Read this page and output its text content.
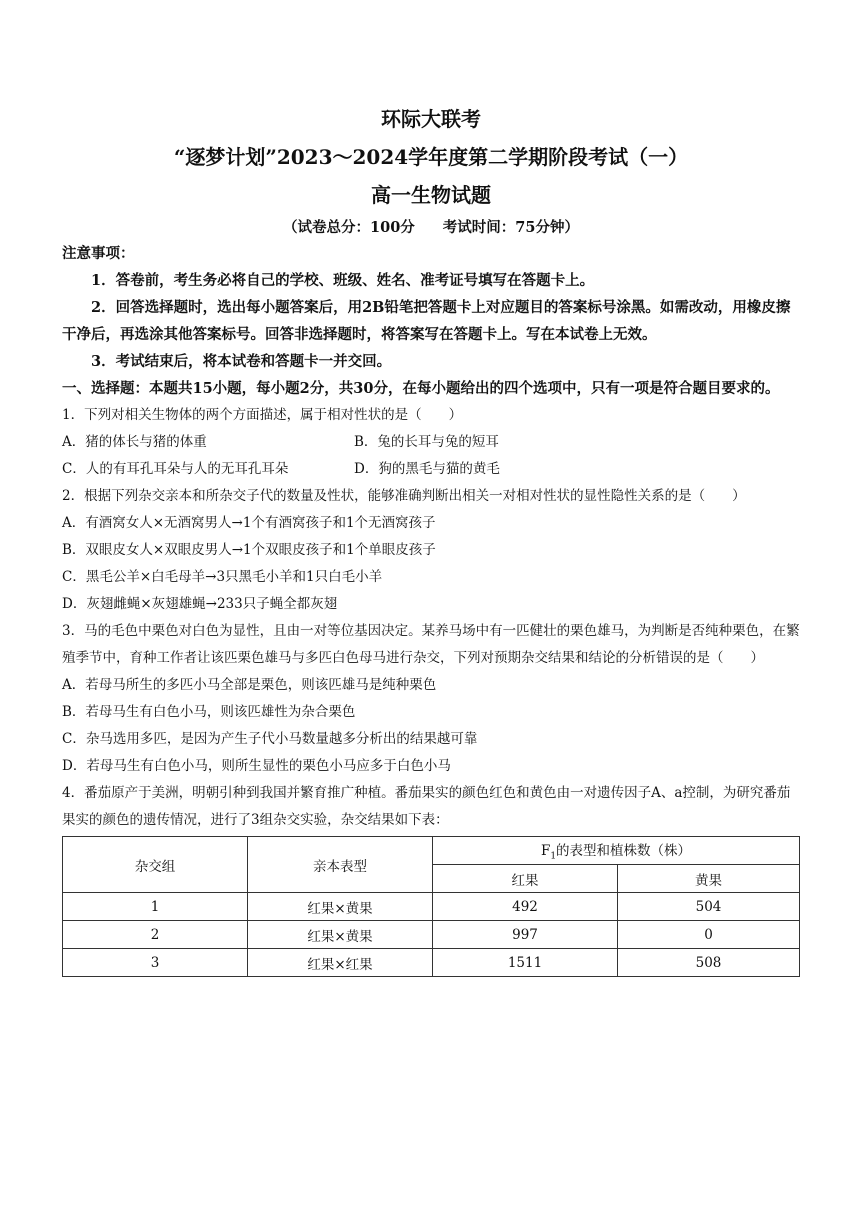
环际大联考

“逐梦计划”2023～2024学年度第二学期阶段考试（一）

高一生物试题

（试卷总分：100分 考试时间：75分钟）

注意事项：

1．答卷前，考生务必将自己的学校、班级、姓名、准考证号填写在答题卡上。

2．回答选择题时，选出每小题答案后，用2B铅笔把答题卡上对应题目的答案标号涂黑。如需改动，用橡皮擦干净后，再选涂其他答案标号。回答非选择题时，将答案写在答题卡上。写在本试卷上无效。

3．考试结束后，将本试卷和答题卡一并交回。

一、选择题：本题共15小题，每小题2分，共30分，在每小题给出的四个选项中，只有一项是符合题目要求的。

1．下列对相关生物体的两个方面描述，属于相对性状的是（　　）

A．猪的体长与猪的体重	B．兔的长耳与兔的短耳
C．人的有耳孔耳朵与人的无耳孔耳朵	D．狗的黑毛与猫的黄毛

2．根据下列杂交亲本和所杂交子代的数量及性状，能够准确判断出相关一对相对性状的显性隐性关系的是（　　）

A．有酒窝女人×无酒窝男人→1个有酒窝孩子和1个无酒窝孩子

B．双眼皮女人×双眼皮男人→1个双眼皮孩子和1个单眼皮孩子

C．黑毛公羊×白毛母羊→3只黑毛小羊和1只白毛小羊

D．灰翅雌蝇×灰翅雄蝇→233只子蝇全都灰翅

3．马的毛色中栗色对白色为显性，且由一对等位基因决定。某养马场中有一匹健壮的栗色雄马，为判断是否纯种栗色，在繁殖季节中，育种工作者让该匹栗色雄马与多匹白色母马进行杂交，下列对预期杂交结果和结论的分析错误的是（　　）

A．若母马所生的多匹小马全部是栗色，则该匹雄马是纯种栗色

B．若母马生有白色小马，则该匹雄性为杂合栗色

C．杂马选用多匹，是因为产生子代小马数量越多分析出的结果越可靠

D．若母马生有白色小马，则所生显性的栗色小马应多于白色小马

4．番茄原产于美洲，明朝引种到我国并繁育推广种植。番茄果实的颜色红色和黄色由一对遗传因子A、a控制，为研究番茄果实的颜色的遗传情况，进行了3组杂交实验，杂交结果如下表：

杂交组	亲本表型	$F_1$的表型和植株数（株）	
		红果	黄果
1	红果×黄果	492	504
2	红果×黄果	997	0
3	红果×红果	1511	508
